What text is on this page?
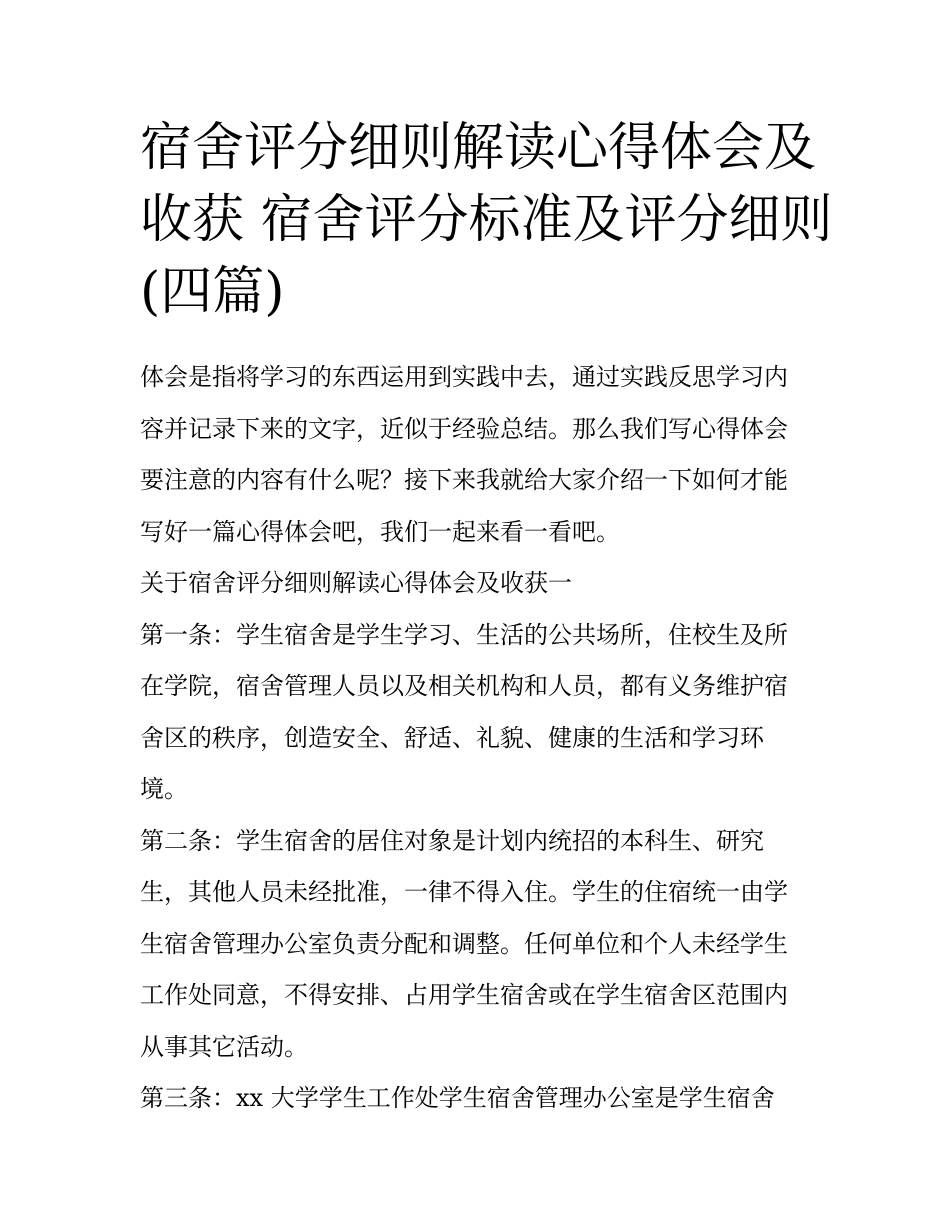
宿舍评分细则解读心得体会及
收获 宿舍评分标准及评分细则
(四篇)

体会是指将学习的东西运用到实践中去，通过实践反思学习内
容并记录下来的文字，近似于经验总结。那么我们写心得体会
要注意的内容有什么呢？接下来我就给大家介绍一下如何才能
写好一篇心得体会吧，我们一起来看一看吧。

关于宿舍评分细则解读心得体会及收获一

第一条：学生宿舍是学生学习、生活的公共场所，住校生及所
在学院，宿舍管理人员以及相关机构和人员，都有义务维护宿
舍区的秩序，创造安全、舒适、礼貌、健康的生活和学习环
境。

第二条：学生宿舍的居住对象是计划内统招的本科生、研究
生，其他人员未经批准，一律不得入住。学生的住宿统一由学
生宿舍管理办公室负责分配和调整。任何单位和个人未经学生
工作处同意，不得安排、占用学生宿舍或在学生宿舍区范围内
从事其它活动。

第三条：xx 大学学生工作处学生宿舍管理办公室是学生宿舍
